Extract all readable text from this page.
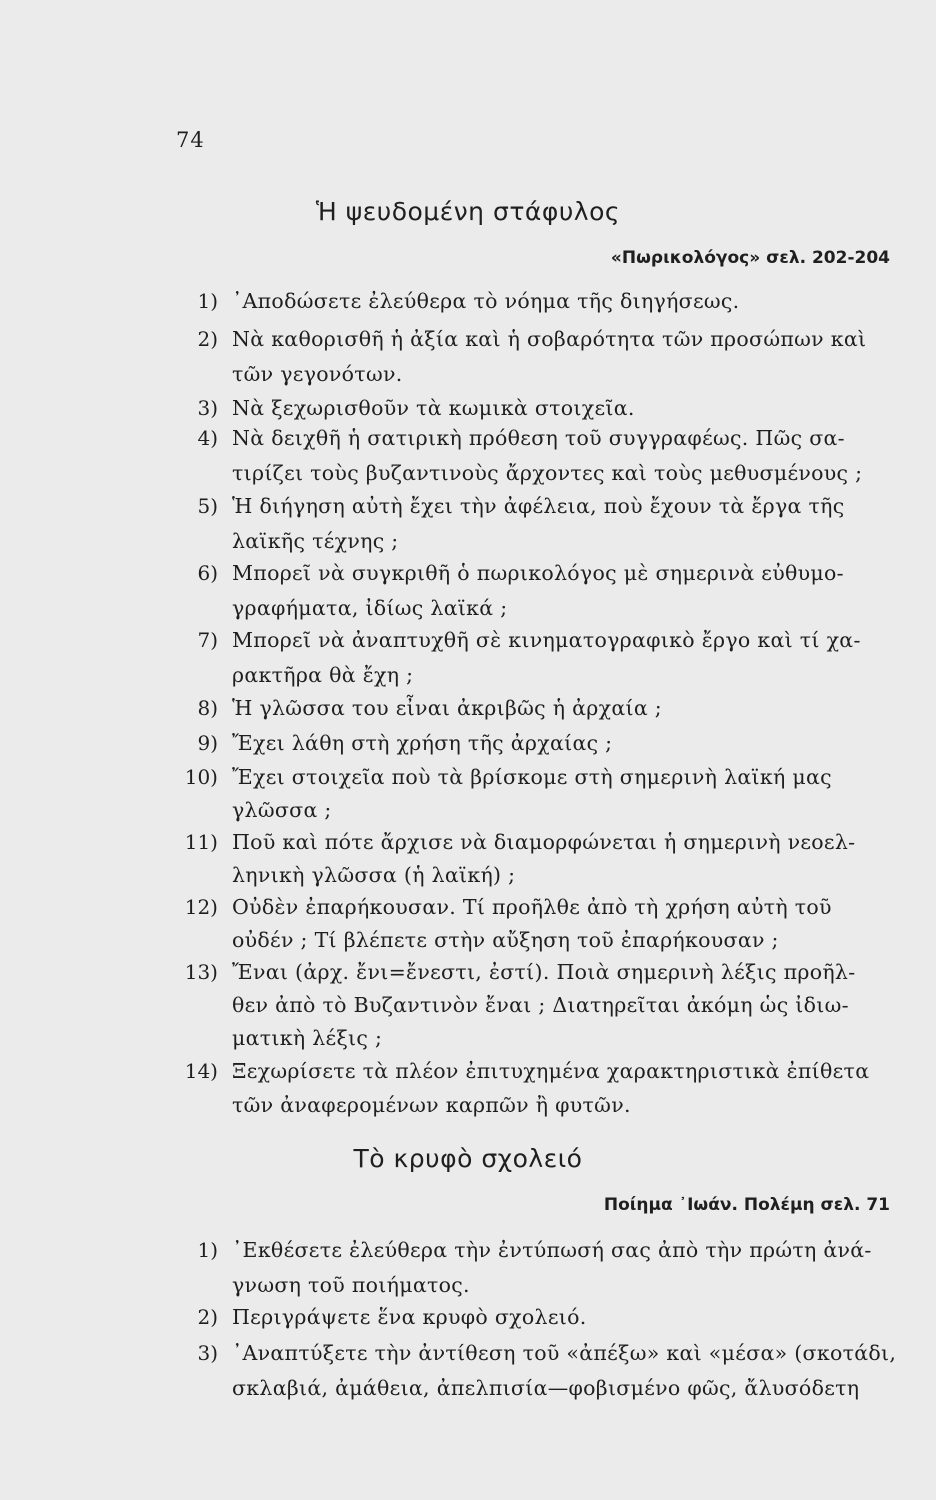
74
Ἡ ψευδομένη στάφυλος
«Πωρικολόγος» σελ. 202-204
1) ᾿Αποδώσετε ἐλεύθερα τὸ νόημα τῆς διηγήσεως.
2) Νὰ καθορισθῆ ἡ ἀξία καὶ ἡ σοβαρότητα τῶν προσώπων καὶ
τῶν γεγονότων.
3) Νὰ ξεχωρισθοῦν τὰ κωμικὰ στοιχεῖα.
4) Νὰ δειχθῆ ἡ σατιρικὴ πρόθεση τοῦ συγγραφέως. Πῶς σα-
τιρίζει τοὺς βυζαντινοὺς ἄρχοντες καὶ τοὺς μεθυσμένους ;
5) Ἡ διήγηση αὐτὴ ἔχει τὴν ἀφέλεια, ποὺ ἔχουν τὰ ἔργα τῆς
λαϊκῆς τέχνης ;
6) Μπορεῖ νὰ συγκριθῆ ὁ πωρικολόγος μὲ σημερινὰ εὐθυμο-
γραφήματα, ἰδίως λαϊκά ;
7) Μπορεῖ νὰ ἀναπτυχθῆ σὲ κινηματογραφικὸ ἔργο καὶ τί χα-
ρακτῆρα θὰ ἔχη ;
8) Ἡ γλῶσσα του εἶναι ἀκριβῶς ἡ ἀρχαία ;
9) Ἔχει λάθη στὴ χρήση τῆς ἀρχαίας ;
10) Ἔχει στοιχεῖα ποὺ τὰ βρίσκομε στὴ σημερινὴ λαϊκή μας
γλῶσσα ;
11) Ποῦ καὶ πότε ἄρχισε νὰ διαμορφώνεται ἡ σημερινὴ νεοελ-
ληνικὴ γλῶσσα (ἡ λαϊκή) ;
12) Οὐδὲν ἐπαρήκουσαν. Τί προῆλθε ἀπὸ τὴ χρήση αὐτὴ τοῦ
οὐδέν ; Τί βλέπετε στὴν αὔξηση τοῦ ἐπαρήκουσαν ;
13) Ἔναι (ἀρχ. ἔνι=ἔνεστι, ἐστί). Ποιὰ σημερινὴ λέξις προῆλ-
θεν ἀπὸ τὸ Βυζαντινὸν ἔναι ; Διατηρεῖται ἀκόμη ὡς ἰδιω-
ματικὴ λέξις ;
14) Ξεχωρίσετε τὰ πλέον ἐπιτυχημένα χαρακτηριστικὰ ἐπίθετα
τῶν ἀναφερομένων καρπῶν ἢ φυτῶν.
Τὸ κρυφὸ σχολειό
Ποίημα ᾿Ιωάν. Πολέμη σελ. 71
1) ᾿Εκθέσετε ἐλεύθερα τὴν ἐντύπωσή σας ἀπὸ τὴν πρώτη ἀνά-
γνωση τοῦ ποιήματος.
2) Περιγράψετε ἕνα κρυφὸ σχολειό.
3) ᾿Αναπτύξετε τὴν ἀντίθεση τοῦ «ἀπέξω» καὶ «μέσα» (σκοτάδι,
σκλαβιά, ἀμάθεια, ἀπελπισία—φοβισμένο φῶς, ἄλυσόδετη
